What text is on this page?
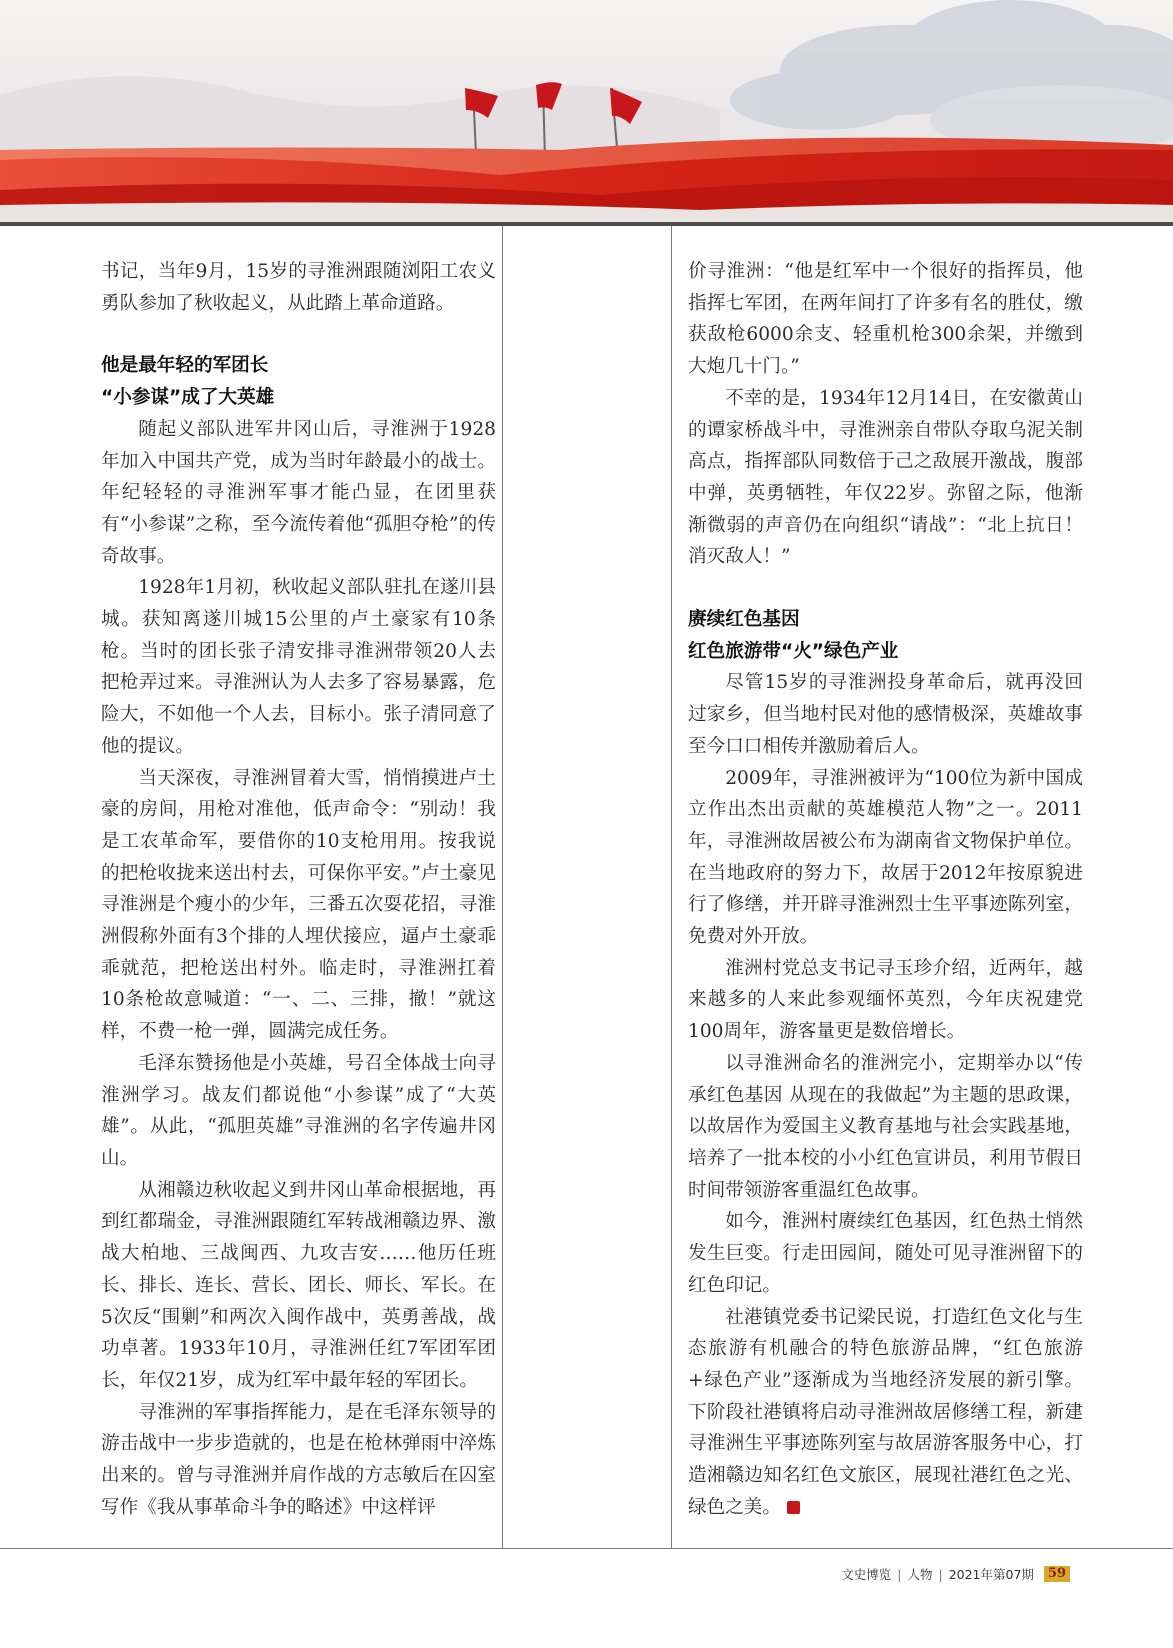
书记，当年9月，15岁的寻淮洲跟随浏阳工农义勇队参加了秋收起义，从此踏上革命道路。

他是最年轻的军团长
“小参谋”成了大英雄

随起义部队进军井冈山后，寻淮洲于1928年加入中国共产党，成为当时年龄最小的战士。年纪轻轻的寻淮洲军事才能凸显，在团里获有“小参谋”之称，至今流传着他“孤胆夺枪”的传奇故事。

1928年1月初，秋收起义部队驻扎在遂川县城。获知离遂川城15公里的卢土豪家有10条枪。当时的团长张子清安排寻淮洲带领20人去把枪弄过来。寻淮洲认为人去多了容易暴露，危险大，不如他一个人去，目标小。张子清同意了他的提议。

当天深夜，寻淮洲冒着大雪，悄悄摸进卢土豪的房间，用枪对准他，低声命令：“别动！我是工农革命军，要借你的10支枪用用。按我说的把枪收拢来送出村去，可保你平安。”卢土豪见寻淮洲是个瘦小的少年，三番五次耍花招，寻淮洲假称外面有3个排的人埋伏接应，逼卢土豪乖乖就范，把枪送出村外。临走时，寻淮洲扛着10条枪故意喊道：“一、二、三排，撤！”就这样，不费一枪一弹，圆满完成任务。

毛泽东赞扬他是小英雄，号召全体战士向寻淮洲学习。战友们都说他“小参谋”成了“大英雄”。从此，“孤胆英雄”寻淮洲的名字传遍井冈山。

从湘赣边秋收起义到井冈山革命根据地，再到红都瑞金，寻淮洲跟随红军转战湘赣边界、激战大柏地、三战闽西、九攻吉安……他历任班长、排长、连长、营长、团长、师长、军长。在5次反“围剿”和两次入闽作战中，英勇善战，战功卓著。1933年10月，寻淮洲任红7军团军团长，年仅21岁，成为红军中最年轻的军团长。

寻淮洲的军事指挥能力，是在毛泽东领导的游击战中一步步造就的，也是在枪林弹雨中淬炼出来的。曾与寻淮洲并肩作战的方志敏后在囚室写作《我从事革命斗争的略述》中这样评

价寻淮洲：“他是红军中一个很好的指挥员，他指挥七军团，在两年间打了许多有名的胜仗，缴获敌枪6000余支、轻重机枪300余架，并缴到大炮几十门。”

不幸的是，1934年12月14日，在安徽黄山的谭家桥战斗中，寻淮洲亲自带队夺取乌泥关制高点，指挥部队同数倍于己之敌展开激战，腹部中弹，英勇牺牲，年仅22岁。弥留之际，他渐渐微弱的声音仍在向组织“请战”：“北上抗日！消灭敌人！”

赓续红色基因
红色旅游带“火”绿色产业

尽管15岁的寻淮洲投身革命后，就再没回过家乡，但当地村民对他的感情极深，英雄故事至今口口相传并激励着后人。

2009年，寻淮洲被评为“100位为新中国成立作出杰出贡献的英雄模范人物”之一。2011年，寻淮洲故居被公布为湖南省文物保护单位。在当地政府的努力下，故居于2012年按原貌进行了修缮，并开辟寻淮洲烈士生平事迹陈列室，免费对外开放。

淮洲村党总支书记寻玉珍介绍，近两年，越来越多的人来此参观缅怀英烈，今年庆祝建党100周年，游客量更是数倍增长。

以寻淮洲命名的淮洲完小，定期举办以“传承红色基因 从现在的我做起”为主题的思政课，以故居作为爱国主义教育基地与社会实践基地，培养了一批本校的小小红色宣讲员，利用节假日时间带领游客重温红色故事。

如今，淮洲村赓续红色基因，红色热土悄然发生巨变。行走田园间，随处可见寻淮洲留下的红色印记。

社港镇党委书记梁民说，打造红色文化与生态旅游有机融合的特色旅游品牌，“红色旅游+绿色产业”逐渐成为当地经济发展的新引擎。下阶段社港镇将启动寻淮洲故居修缮工程，新建寻淮洲生平事迹陈列室与故居游客服务中心，打造湘赣边知名红色文旅区，展现社港红色之光、绿色之美。

文史博览 | 人物 | 2021年第07期	59
